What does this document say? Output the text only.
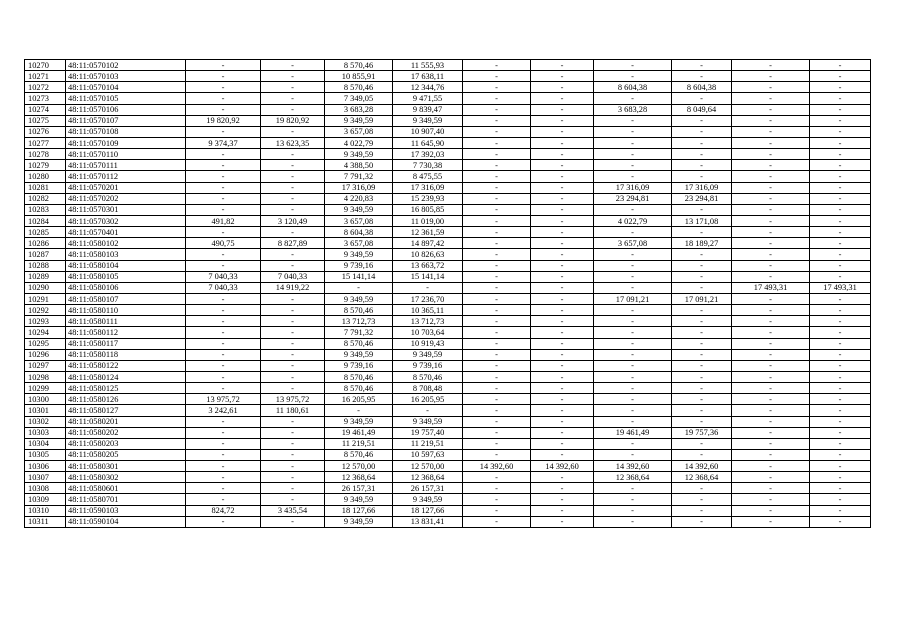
10270	48:11:0570102	-	-	8 570,46	11 555,93	-	-	-	-	-	-
10271	48:11:0570103	-	-	10 855,91	17 638,11	-	-	-	-	-	-
10272	48:11:0570104	-	-	8 570,46	12 344,76	-	-	8 604,38	8 604,38	-	-
10273	48:11:0570105	-	-	7 349,05	9 471,55	-	-	-	-	-	-
10274	48:11:0570106	-	-	3 683,28	9 839,47	-	-	3 683,28	8 049,64	-	-
10275	48:11:0570107	19 820,92	19 820,92	9 349,59	9 349,59	-	-	-	-	-	-
10276	48:11:0570108	-	-	3 657,08	10 907,40	-	-	-	-	-	-
10277	48:11:0570109	9 374,37	13 623,35	4 022,79	11 645,90	-	-	-	-	-	-
10278	48:11:0570110	-	-	9 349,59	17 392,03	-	-	-	-	-	-
10279	48:11:0570111	-	-	4 388,50	7 730,38	-	-	-	-	-	-
10280	48:11:0570112	-	-	7 791,32	8 475,55	-	-	-	-	-	-
10281	48:11:0570201	-	-	17 316,09	17 316,09	-	-	17 316,09	17 316,09	-	-
10282	48:11:0570202	-	-	4 220,83	15 239,93	-	-	23 294,81	23 294,81	-	-
10283	48:11:0570301	-	-	9 349,59	16 805,85	-	-	-	-	-	-
10284	48:11:0570302	491,82	3 120,49	3 657,08	11 019,00	-	-	4 022,79	13 171,08	-	-
10285	48:11:0570401	-	-	8 604,38	12 361,59	-	-	-	-	-	-
10286	48:11:0580102	490,75	8 827,89	3 657,08	14 897,42	-	-	3 657,08	18 189,27	-	-
10287	48:11:0580103	-	-	9 349,59	10 826,63	-	-	-	-	-	-
10288	48:11:0580104	-	-	9 739,16	13 663,72	-	-	-	-	-	-
10289	48:11:0580105	7 040,33	7 040,33	15 141,14	15 141,14	-	-	-	-	-	-
10290	48:11:0580106	7 040,33	14 919,22	-	-	-	-	-	-	17 493,31	17 493,31
10291	48:11:0580107	-	-	9 349,59	17 236,70	-	-	17 091,21	17 091,21	-	-
10292	48:11:0580110	-	-	8 570,46	10 365,11	-	-	-	-	-	-
10293	48:11:0580111	-	-	13 712,73	13 712,73	-	-	-	-	-	-
10294	48:11:0580112	-	-	7 791,32	10 703,64	-	-	-	-	-	-
10295	48:11:0580117	-	-	8 570,46	10 919,43	-	-	-	-	-	-
10296	48:11:0580118	-	-	9 349,59	9 349,59	-	-	-	-	-	-
10297	48:11:0580122	-	-	9 739,16	9 739,16	-	-	-	-	-	-
10298	48:11:0580124	-	-	8 570,46	8 570,46	-	-	-	-	-	-
10299	48:11:0580125	-	-	8 570,46	8 708,48	-	-	-	-	-	-
10300	48:11:0580126	13 975,72	13 975,72	16 205,95	16 205,95	-	-	-	-	-	-
10301	48:11:0580127	3 242,61	11 180,61	-	-	-	-	-	-	-	-
10302	48:11:0580201	-	-	9 349,59	9 349,59	-	-	-	-	-	-
10303	48:11:0580202	-	-	19 461,49	19 757,40	-	-	19 461,49	19 757,36	-	-
10304	48:11:0580203	-	-	11 219,51	11 219,51	-	-	-	-	-	-
10305	48:11:0580205	-	-	8 570,46	10 597,63	-	-	-	-	-	-
10306	48:11:0580301	-	-	12 570,00	12 570,00	14 392,60	14 392,60	14 392,60	14 392,60	-	-
10307	48:11:0580302	-	-	12 368,64	12 368,64	-	-	12 368,64	12 368,64	-	-
10308	48:11:0580601	-	-	26 157,31	26 157,31	-	-	-	-	-	-
10309	48:11:0580701	-	-	9 349,59	9 349,59	-	-	-	-	-	-
10310	48:11:0590103	824,72	3 435,54	18 127,66	18 127,66	-	-	-	-	-	-
10311	48:11:0590104	-	-	9 349,59	13 831,41	-	-	-	-	-	-
